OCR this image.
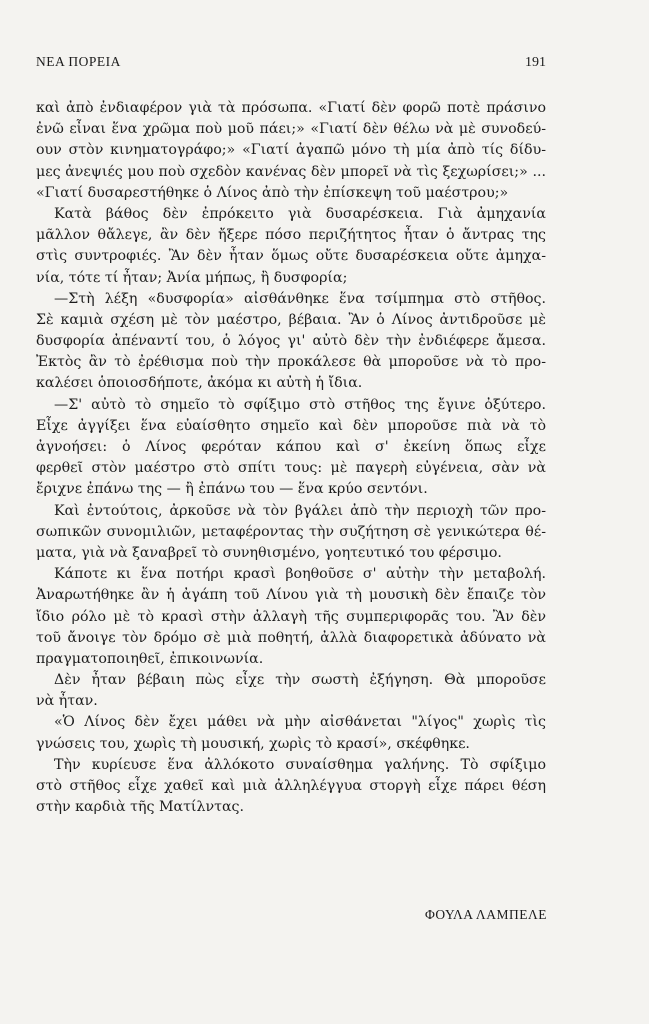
ΝΕΑ ΠΟΡΕΙΑ	191
καὶ ἀπὸ ἐνδιαφέρον γιὰ τὰ πρόσωπα. «Γιατί δὲν φορῶ ποτὲ πράσινο
ἐνῶ εἶναι ἕνα χρῶμα ποὺ μοῦ πάει;» «Γιατί δὲν θέλω νὰ μὲ συνοδεύ-
ουν στὸν κινηματογράφο;» «Γιατί ἀγαπῶ μόνο τὴ μία ἀπὸ τίς δίδυ-
μες ἀνεψιές μου ποὺ σχεδὸν κανένας δὲν μπορεῖ νὰ τὶς ξεχωρίσει;» ...
«Γιατί δυσαρεστήθηκε ὁ Λίνος ἀπὸ τὴν ἐπίσκεψη τοῦ μαέστρου;»
Κατὰ βάθος δὲν ἐπρόκειτο γιὰ δυσαρέσκεια. Γιὰ ἀμηχανία
μᾶλλον θἄλεγε, ἂν δὲν ἤξερε πόσο περιζήτητος ἦταν ὁ ἄντρας της
στὶς συντροφιές. Ἂν δὲν ἦταν ὅμως οὔτε δυσαρέσκεια οὔτε ἀμηχα-
νία, τότε τί ἦταν; Ἀνία μήπως, ἢ δυσφορία;
—Στὴ λέξη «δυσφορία» αἰσθάνθηκε ἕνα τσίμπημα στὸ στῆθος.
Σὲ καμιὰ σχέση μὲ τὸν μαέστρο, βέβαια. Ἂν ὁ Λίνος ἀντιδροῦσε μὲ
δυσφορία ἀπέναντί του, ὁ λόγος γι' αὐτὸ δὲν τὴν ἐνδιέφερε ἄμεσα.
Ἐκτὸς ἂν τὸ ἐρέθισμα ποὺ τὴν προκάλεσε θὰ μποροῦσε νὰ τὸ προ-
καλέσει ὁποιοσδήποτε, ἀκόμα κι αὐτὴ ἡ ἴδια.
—Σ' αὐτὸ τὸ σημεῖο τὸ σφίξιμο στὸ στῆθος της ἔγινε ὀξύτερο.
Εἶχε ἀγγίξει ἕνα εὐαίσθητο σημεῖο καὶ δὲν μποροῦσε πιὰ νὰ τὸ
ἀγνοήσει: ὁ Λίνος φερόταν κάπου καὶ σ' ἐκείνη ὅπως εἶχε
φερθεῖ στὸν μαέστρο στὸ σπίτι τους: μὲ παγερὴ εὐγένεια, σὰν νὰ
ἔριχνε ἐπάνω της — ἢ ἐπάνω του — ἕνα κρύο σεντόνι.
Καὶ ἐντούτοις, ἀρκοῦσε νὰ τὸν βγάλει ἀπὸ τὴν περιοχὴ τῶν προ-
σωπικῶν συνομιλιῶν, μεταφέροντας τὴν συζήτηση σὲ γενικώτερα θέ-
ματα, γιὰ νὰ ξαναβρεῖ τὸ συνηθισμένο, γοητευτικό του φέρσιμο.
Κάποτε κι ἕνα ποτήρι κρασὶ βοηθοῦσε σ' αὐτὴν τὴν μεταβολή.
Ἀναρωτήθηκε ἂν ἡ ἀγάπη τοῦ Λίνου γιὰ τὴ μουσικὴ δὲν ἔπαιζε τὸν
ἴδιο ρόλο μὲ τὸ κρασὶ στὴν ἀλλαγὴ τῆς συμπεριφορᾶς του. Ἂν δὲν
τοῦ ἄνοιγε τὸν δρόμο σὲ μιὰ ποθητή, ἀλλὰ διαφορετικὰ ἀδύνατο νὰ
πραγματοποιηθεῖ, ἐπικοινωνία.
Δὲν ἦταν βέβαιη πὼς εἶχε τὴν σωστὴ ἐξήγηση. Θὰ μποροῦσε
νὰ ἦταν.
«Ὁ Λίνος δὲν ἔχει μάθει νὰ μὴν αἰσθάνεται "λίγος" χωρὶς τὶς
γνώσεις του, χωρὶς τὴ μουσική, χωρὶς τὸ κρασί», σκέφθηκε.
Τὴν κυρίευσε ἕνα ἀλλόκοτο συναίσθημα γαλήνης. Τὸ σφίξιμο
στὸ στῆθος εἶχε χαθεῖ καὶ μιὰ ἀλληλέγγυα στοργὴ εἶχε πάρει θέση
στὴν καρδιὰ τῆς Ματίλντας.
ΦΟΥΛΑ ΛΑΜΠΕΛΕ
